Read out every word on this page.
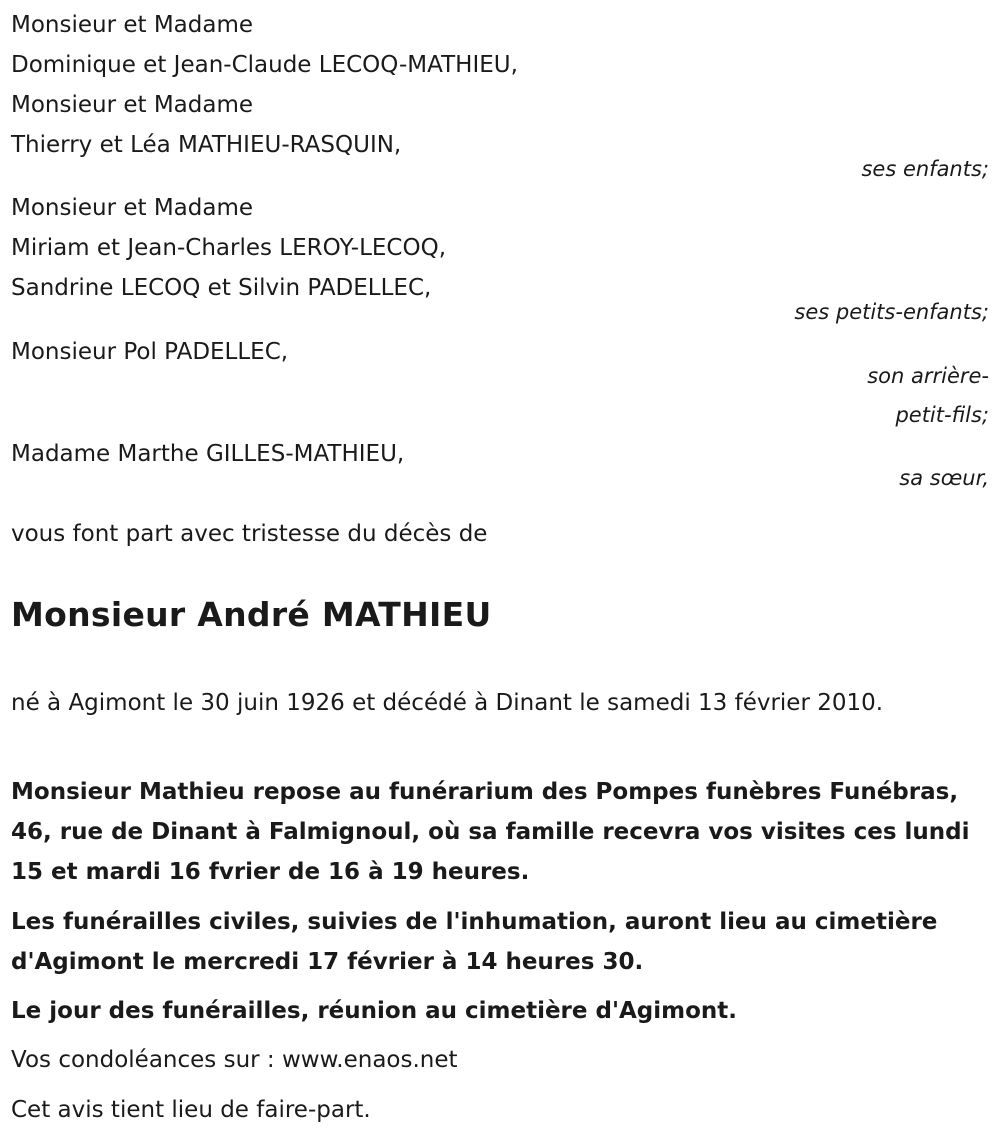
Monsieur et Madame

Dominique et Jean-Claude LECOQ-MATHIEU,

Monsieur et Madame

Thierry et Léa MATHIEU-RASQUIN,

ses enfants;

Monsieur et Madame

Miriam et Jean-Charles LEROY-LECOQ,

Sandrine LECOQ et Silvin PADELLEC,

ses petits-enfants;

Monsieur Pol PADELLEC,

son arrière-

petit-fils;

Madame Marthe GILLES-MATHIEU,

sa sœur,

vous font part avec tristesse du décès de

Monsieur André MATHIEU

né à Agimont le 30 juin 1926 et décédé à Dinant le samedi 13 février 2010.

Monsieur Mathieu repose au funérarium des Pompes funèbres Funébras, 46, rue de Dinant à Falmignoul, où sa famille recevra vos visites ces lundi 15 et mardi 16 fvrier de 16 à 19 heures.

Les funérailles civiles, suivies de l'inhumation, auront lieu au cimetière d'Agimont le mercredi 17 février à 14 heures 30.

Le jour des funérailles, réunion au cimetière d'Agimont.

Vos condoléances sur : www.enaos.net

Cet avis tient lieu de faire-part.
